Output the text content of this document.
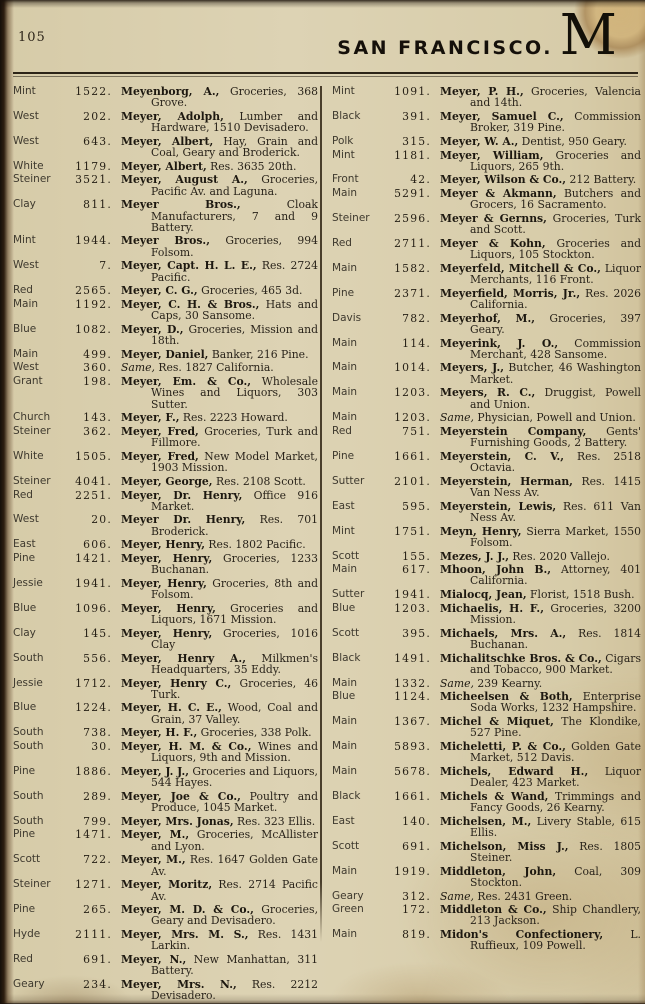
105	SAN FRANCISCO. M
Mint	1522. Meyenborg, A., Groceries, 368 Grove.
West	202. Meyer, Adolph, Lumber and Hardware, 1510 Devisadero.
West	643. Meyer, Albert, Hay, Grain and Coal, Geary and Broderick.
White	1179. Meyer, Albert, Res. 3635 20th.
Steiner	3521. Meyer, August A., Groceries, Pacific Av. and Laguna.
Clay	811. Meyer Bros., Cloak Manufacturers, 7 and 9 Battery.
Mint	1944. Meyer Bros., Groceries, 994 Folsom.
West	7. Meyer, Capt. H. L. E., Res. 2724 Pacific.
Red	2565. Meyer, C. G., Groceries, 465 3d.
Main	1192. Meyer, C. H. & Bros., Hats and Caps, 30 Sansome.
Blue	1082. Meyer, D., Groceries, Mission and 18th.
Main	499. Meyer, Daniel, Banker, 216 Pine.
West	360. Same, Res. 1827 California.
Grant	198. Meyer, Em. & Co., Wholesale Wines and Liquors, 303 Sutter.
Church	143. Meyer, F., Res. 2223 Howard.
Steiner	362. Meyer, Fred, Groceries, Turk and Fillmore.
White	1505. Meyer, Fred, New Model Market, 1903 Mission.
Steiner	4041. Meyer, George, Res. 2108 Scott.
Red	2251. Meyer, Dr. Henry, Office 916 Market.
West	20. Meyer Dr. Henry, Res. 701 Broderick.
East	606. Meyer, Henry, Res. 1802 Pacific.
Pine	1421. Meyer, Henry, Groceries, 1233 Buchanan.
Jessie	1941. Meyer, Henry, Groceries, 8th and Folsom.
Blue	1096. Meyer, Henry, Groceries and Liquors, 1671 Mission.
Clay	145. Meyer, Henry, Groceries, 1016 Clay
South	556. Meyer, Henry A., Milkmen's Headquarters, 35 Eddy.
Jessie	1712. Meyer, Henry C., Groceries, 46 Turk.
Blue	1224. Meyer, H. C. E., Wood, Coal and Grain, 37 Valley.
South	738. Meyer, H. F., Groceries, 338 Polk.
South	30. Meyer, H. M. & Co., Wines and Liquors, 9th and Mission.
Pine	1886. Meyer, J. J., Groceries and Liquors, 544 Hayes.
South	289. Meyer, Joe & Co., Poultry and Produce, 1045 Market.
South	799. Meyer, Mrs. Jonas, Res. 323 Ellis.
Pine	1471. Meyer, M., Groceries, McAllister and Lyon.
Scott	722. Meyer, M., Res. 1647 Golden Gate Av.
Steiner	1271. Meyer, Moritz, Res. 2714 Pacific Av.
Pine	265. Meyer, M. D. & Co., Groceries, Geary and Devisadero.
Hyde	2111. Meyer, Mrs. M. S., Res. 1431 Larkin.
Red	691. Meyer, N., New Manhattan, 311 Battery.
Geary	234. Meyer, Mrs. N., Res. 2212 Devisadero.
Mint	1091. Meyer, P. H., Groceries, Valencia and 14th.
Black	391. Meyer, Samuel C., Commission Broker, 319 Pine.
Polk	315. Meyer, W. A., Dentist, 950 Geary.
Mint	1181. Meyer, William, Groceries and Liquors, 265 9th.
Front	42. Meyer, Wilson & Co., 212 Battery.
Main	5291. Meyer & Akmann, Butchers and Grocers, 16 Sacramento.
Steiner	2596. Meyer & Gernns, Groceries, Turk and Scott.
Red	2711. Meyer & Kohn, Groceries and Liquors, 105 Stockton.
Main	1582. Meyerfeld, Mitchell & Co., Liquor Merchants, 116 Front.
Pine	2371. Meyerfield, Morris, Jr., Res. 2026 California.
Davis	782. Meyerhof, M., Groceries, 397 Geary.
Main	114. Meyerink, J. O., Commission Merchant, 428 Sansome.
Main	1014. Meyers, J., Butcher, 46 Washington Market.
Main	1203. Meyers, R. C., Druggist, Powell and Union.
Main	1203. Same, Physician, Powell and Union.
Red	751. Meyerstein Company, Gents' Furnishing Goods, 2 Battery.
Pine	1661. Meyerstein, C. V., Res. 2518 Octavia.
Sutter	2101. Meyerstein, Herman, Res. 1415 Van Ness Av.
East	595. Meyerstein, Lewis, Res. 611 Van Ness Av.
Mint	1751. Meyn, Henry, Sierra Market, 1550 Folsom.
Scott	155. Mezes, J. J., Res. 2020 Vallejo.
Main	617. Mhoon, John B., Attorney, 401 California.
Sutter	1941. Mialocq, Jean, Florist, 1518 Bush.
Blue	1203. Michaelis, H. F., Groceries, 3200 Mission.
Scott	395. Michaels, Mrs. A., Res. 1814 Buchanan.
Black	1491. Michalitschke Bros. & Co., Cigars and Tobacco, 900 Market.
Main	1332. Same, 239 Kearny.
Blue	1124. Micheelsen & Both, Enterprise Soda Works, 1232 Hampshire.
Main	1367. Michel & Miquet, The Klondike, 527 Pine.
Main	5893. Micheletti, P. & Co., Golden Gate Market, 512 Davis.
Main	5678. Michels, Edward H., Liquor Dealer, 423 Market.
Black	1661. Michels & Wand, Trimmings and Fancy Goods, 26 Kearny.
East	140. Michelsen, M., Livery Stable, 615 Ellis.
Scott	691. Michelson, Miss J., Res. 1805 Steiner.
Main	1919. Middleton, John, Coal, 309 Stockton.
Geary	312. Same, Res. 2431 Green.
Green	172. Middleton & Co., Ship Chandlery, 213 Jackson.
Main	819. Midon's Confectionery, L. Ruffieux, 109 Powell.
